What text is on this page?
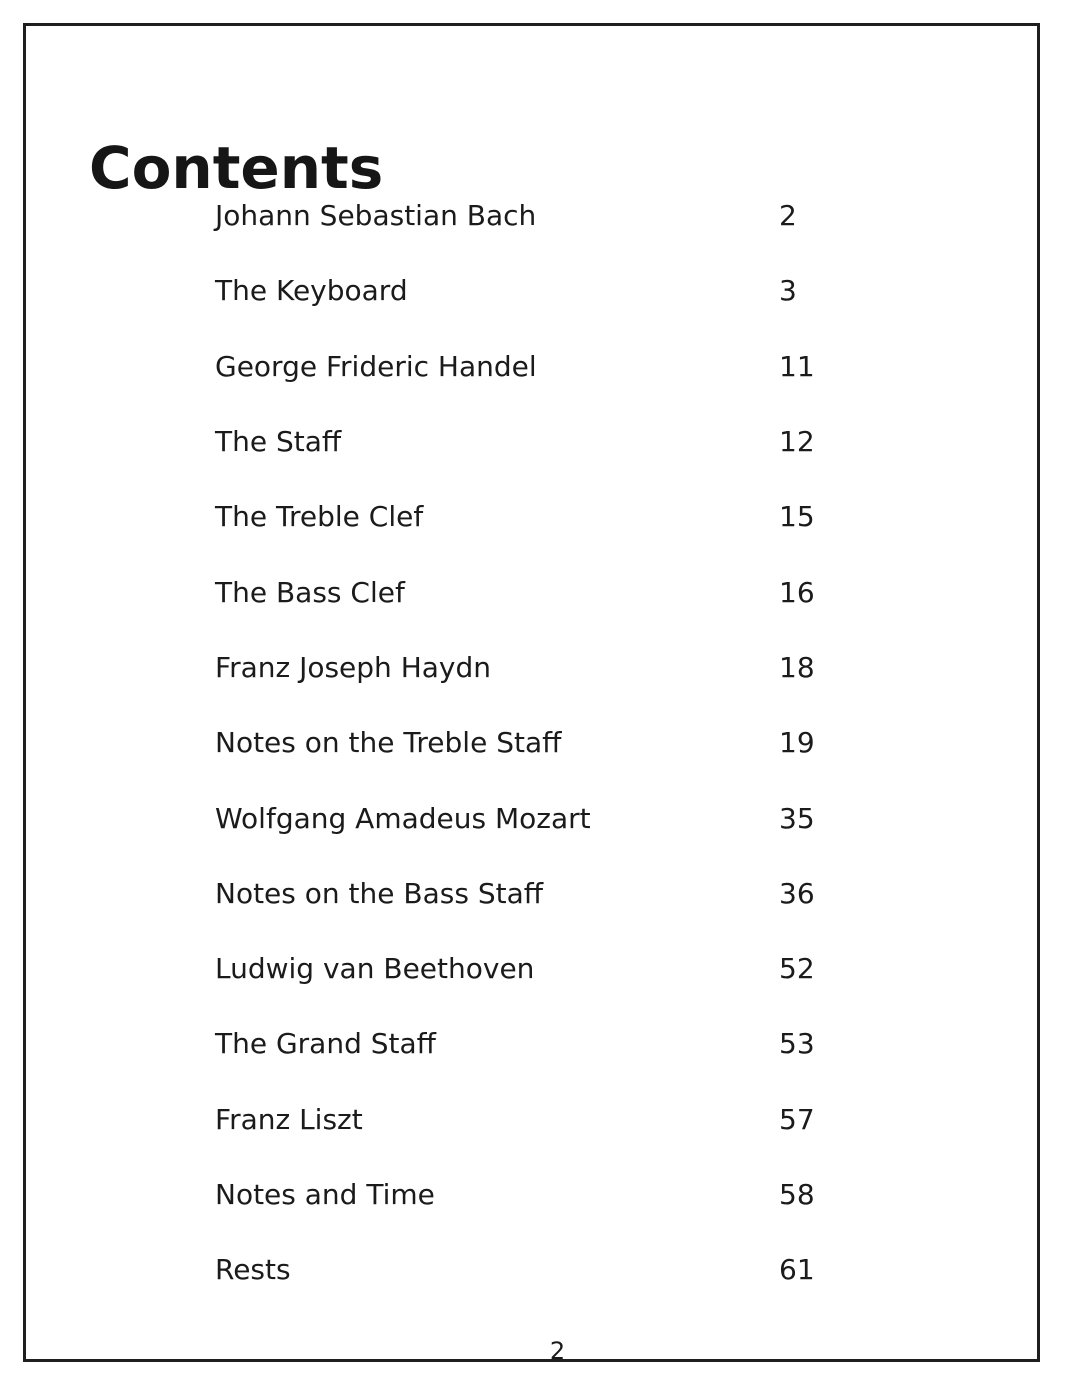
Contents
Johann Sebastian Bach	2
The Keyboard	3
George Frideric Handel	11
The Staff	12
The Treble Clef	15
The Bass Clef	16
Franz Joseph Haydn	18
Notes on the Treble Staff	19
Wolfgang Amadeus Mozart	35
Notes on the Bass Staff	36
Ludwig van Beethoven	52
The Grand Staff	53
Franz Liszt	57
Notes and Time	58
Rests	61
2
